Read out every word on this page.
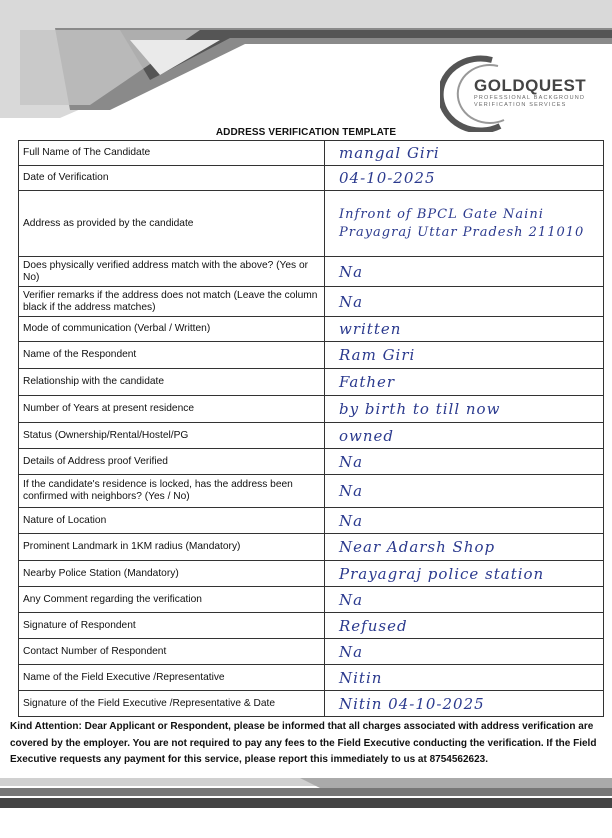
GOLDQUEST
PROFESSIONAL BACKGROUND VERIFICATION SERVICES
ADDRESS VERIFICATION TEMPLATE
Full Name of The Candidate	mangal Giri
Date of Verification	04-10-2025
Address as provided by the candidate	Infront of BPCL Gate Naini Prayagraj Uttar Pradesh 211010
Does physically verified address match with the above? (Yes or No)	Na
Verifier remarks if the address does not match (Leave the column black if the address matches)	Na
Mode of communication (Verbal / Written)	written
Name of the Respondent	Ram Giri
Relationship with the candidate	Father
Number of Years at present residence	by birth to till now
Status (Ownership/Rental/Hostel/PG	owned
Details of Address proof Verified	Na
If the candidate's residence is locked, has the address been confirmed with neighbors? (Yes / No)	Na
Nature of Location	Na
Prominent Landmark in 1KM radius (Mandatory)	Near Adarsh Shop
Nearby Police Station (Mandatory)	Prayagraj police station
Any Comment regarding the verification	Na
Signature of Respondent	Refused
Contact Number of Respondent	Na
Name of the Field Executive /Representative	Nitin
Signature of the Field Executive /Representative & Date	Nitin 04-10-2025
Kind Attention: Dear Applicant or Respondent, please be informed that all charges associated with address verification are covered by the employer. You are not required to pay any fees to the Field Executive conducting the verification. If the Field Executive requests any payment for this service, please report this immediately to us at 8754562623.
